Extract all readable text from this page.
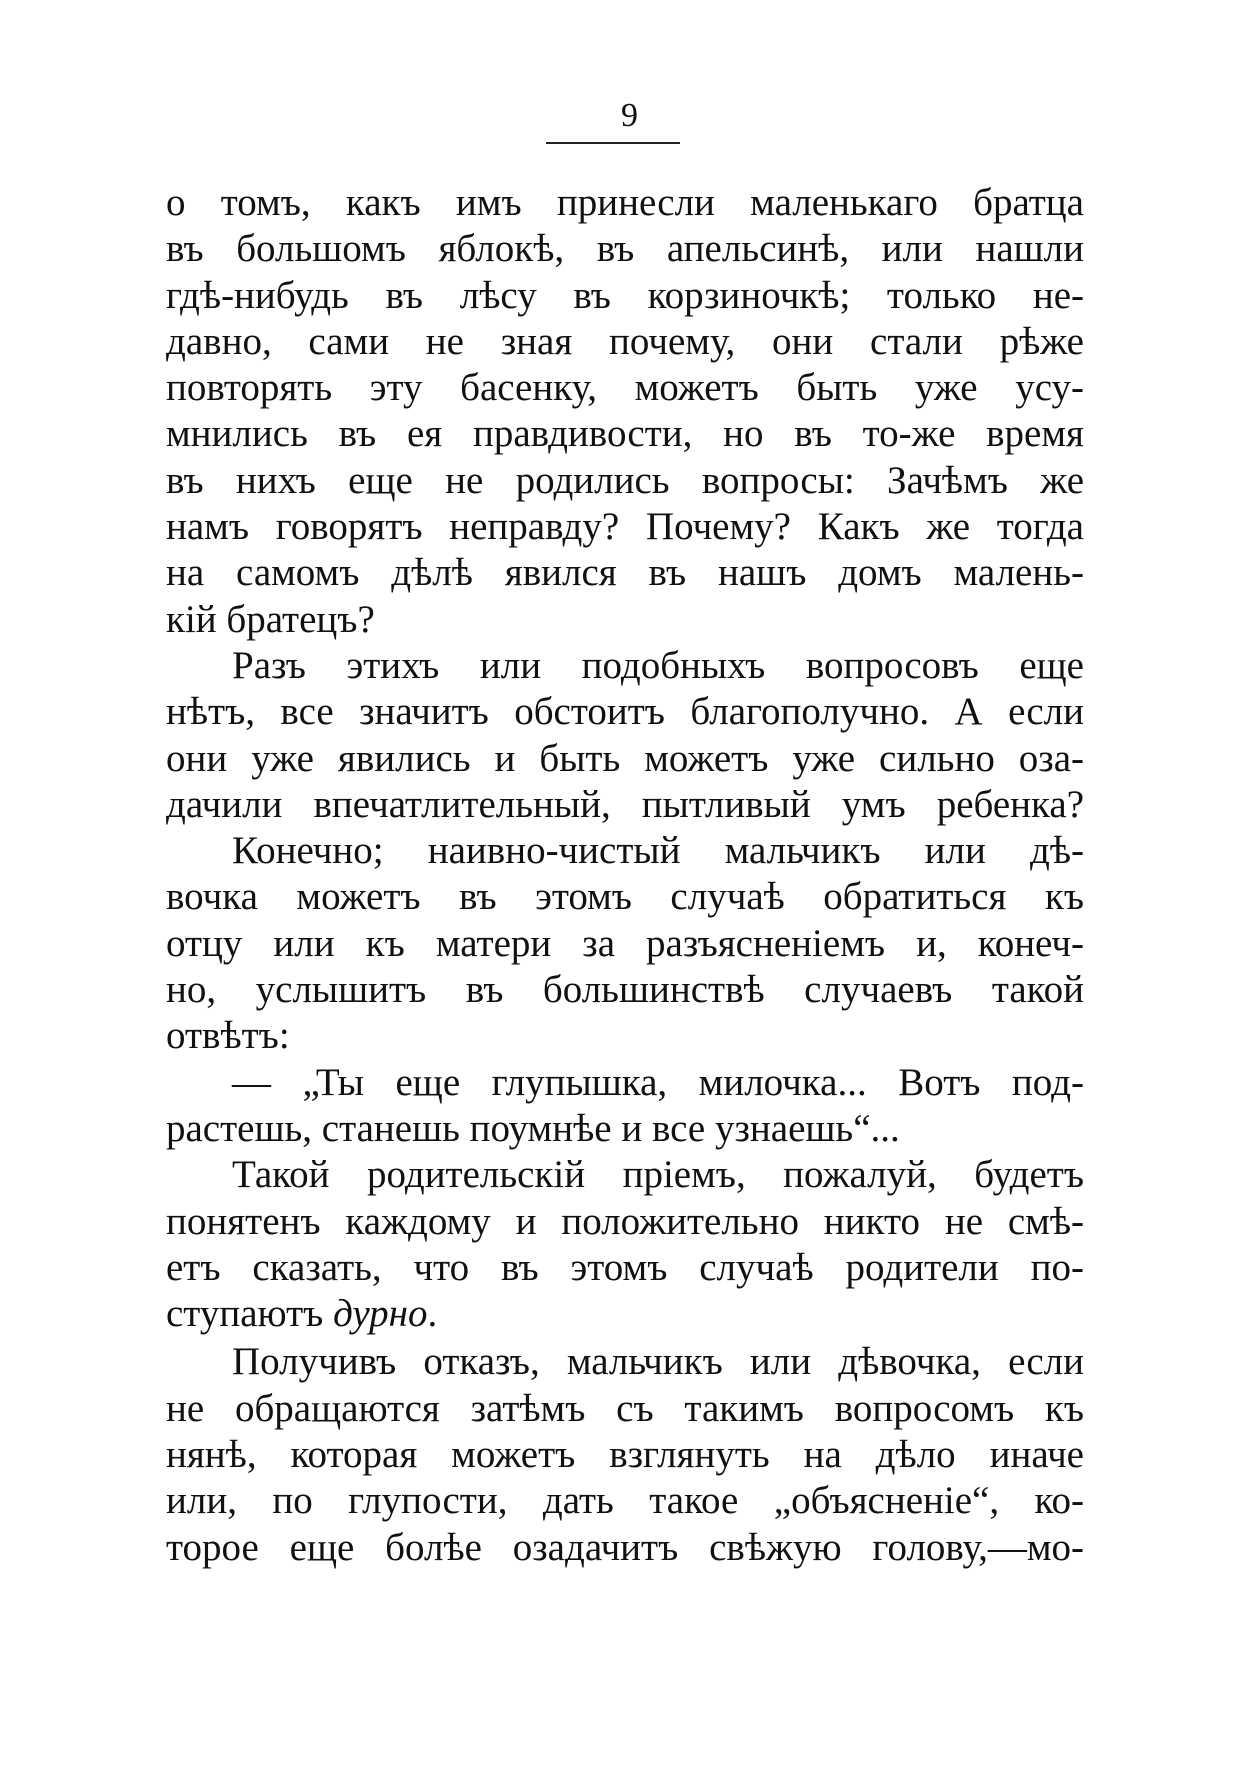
9
о томъ, какъ имъ принесли маленькаго братца
въ большомъ яблокѣ, въ апельсинѣ, или нашли
гдѣ-нибудь въ лѣсу въ корзиночкѣ; только не-
давно, сами не зная почему, они стали рѣже
повторять эту басенку, можетъ быть уже усу-
мнились въ ея правдивости, но въ то-же время
въ нихъ еще не родились вопросы: Зачѣмъ же
намъ говорятъ неправду? Почему? Какъ же тогда
на самомъ дѣлѣ явился въ нашъ домъ малень-
кій братецъ?
Разъ этихъ или подобныхъ вопросовъ еще
нѣтъ, все значитъ обстоитъ благополучно. А если
они уже явились и быть можетъ уже сильно оза-
дачили впечатлительный, пытливый умъ ребенка?
Конечно; наивно-чистый мальчикъ или дѣ-
вочка можетъ въ этомъ случаѣ обратиться къ
отцу или къ матери за разъясненіемъ и, конеч-
но, услышитъ въ большинствѣ случаевъ такой
отвѣтъ:
— „Ты еще глупышка, милочка... Вотъ под-
растешь, станешь поумнѣе и все узнаешь“...
Такой родительскій пріемъ, пожалуй, будетъ
понятенъ каждому и положительно никто не смѣ-
етъ сказать, что въ этомъ случаѣ родители по-
ступаютъ дурно.
Получивъ отказъ, мальчикъ или дѣвочка, если
не обращаются затѣмъ съ такимъ вопросомъ къ
нянѣ, которая можетъ взглянуть на дѣло иначе
или, по глупости, дать такое „объясненіе“, ко-
торое еще болѣе озадачитъ свѣжую голову,—мо-
